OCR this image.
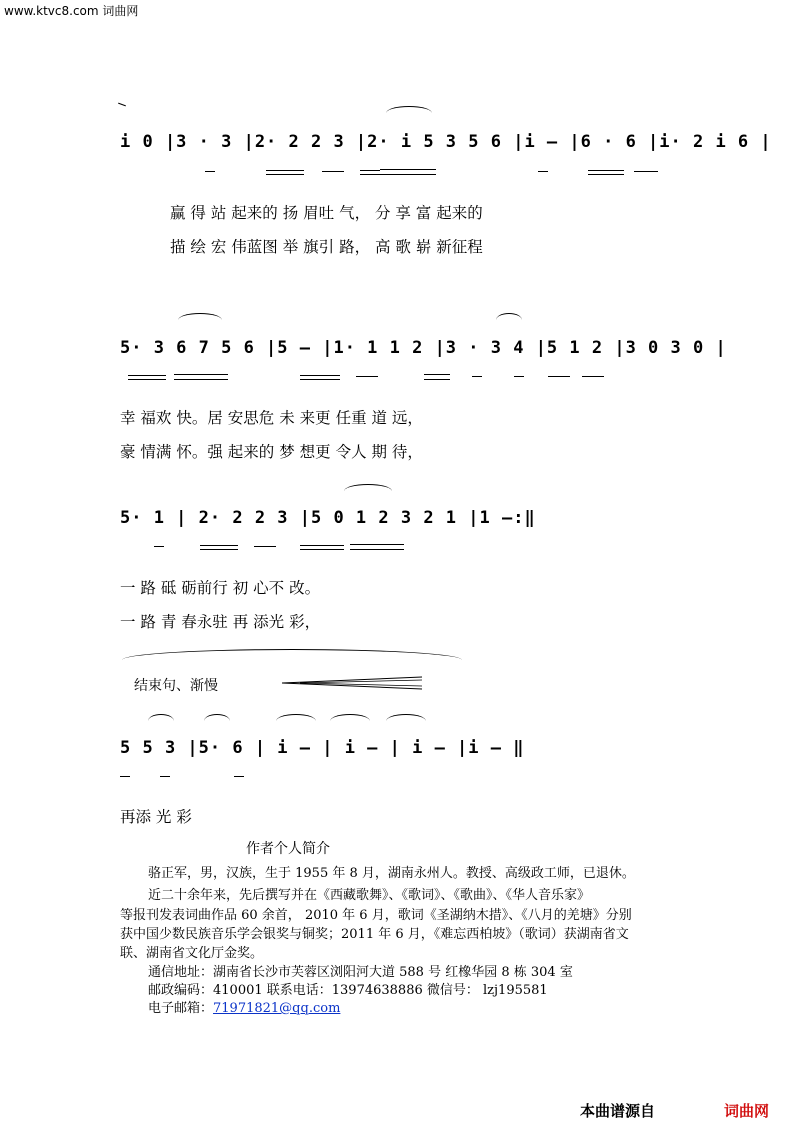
www.ktvc8.com 词曲网
i 0 |3 · 3 |2· 2 2 3 |2· i 5 3 5 6 |i – |6 · 6 |i· 2 i 6 |
赢 得 站 起来的 扬 眉吐 气， 分 享 富 起来的
描 绘 宏 伟蓝图 举 旗引 路， 高 歌 崭 新征程
5· 3 6 7 5 6 |5 – |1· 1 1 2 |3 · 3 4 |5 1 2 |3 0 3 0 |
幸 福欢 快。居 安思危 未 来更 任重 道 远，
豪 情满 怀。强 起来的 梦 想更 令人 期 待，
5· 1 | 2· 2 2 3 |5 0 1 2 3 2 1 |1 –:‖
一 路 砥 砺前行 初 心不 改。
一 路 青 春永驻 再 添光 彩，
结束句、渐慢
5 5 3 |5· 6 | i – | i – | i – |i – ‖
再添 光 彩
作者个人简介
骆正军，男，汉族，生于 1955 年 8 月，湖南永州人。教授、高级政工师，已退休。
近二十余年来，先后撰写并在《西藏歌舞》、《歌词》、《歌曲》、《华人音乐家》
等报刊发表词曲作品 60 余首， 2010 年 6 月，歌词《圣湖纳木措》、《八月的羌塘》分别
获中国少数民族音乐学会银奖与铜奖；2011 年 6 月，《难忘西柏坡》（歌词）获湖南省文
联、湖南省文化厅金奖。
通信地址：湖南省长沙市芙蓉区浏阳河大道 588 号 红橡华园 8 栋 304 室
邮政编码：410001 联系电话：13974638886 微信号： lzj195581
电子邮箱：71971821@qq.com
本曲谱源自	词曲网
